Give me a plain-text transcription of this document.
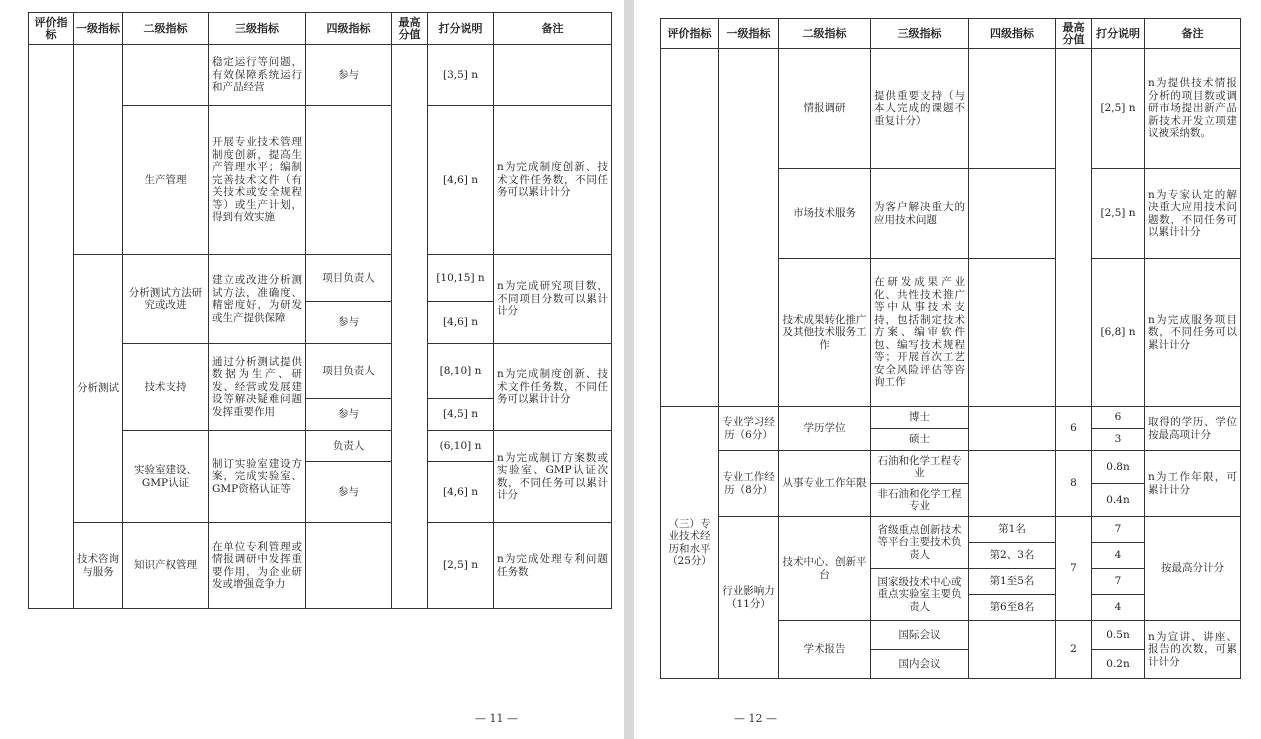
评价指标	一级指标	二级指标	三级指标	四级指标	最高分值	打分说明	备注
			稳定运行等问题，有效保障系统运行和产品经营	参与		[3,5] n	
		生产管理	开展专业技术管理制度创新，提高生产管理水平；编制完善技术文件（有关技术或安全规程等）或生产计划，得到有效实施			[4,6] n	n为完成制度创新、技术文件任务数，不同任务可以累计计分
	分析测试	分析测试方法研究或改进	建立或改进分析测试方法，准确度、精密度好，为研发或生产提供保障	项目负责人		[10,15] n	n为完成研究项目数，不同项目分数可以累计计分
				参与		[4,6] n	
		技术支持	通过分析测试提供数据为生产、研发、经营或发展建设等解决疑难问题发挥重要作用	项目负责人		[8,10] n	n为完成制度创新、技术文件任务数，不同任务可以累计计分
				参与		[4,5] n	
		实验室建设、GMP认证	制订实验室建设方案，完成实验室、GMP资格认证等	负责人		(6,10] n	n为完成制订方案数或实验室、GMP认证次数，不同任务可以累计计分
				参与		[4,6] n	
	技术咨询与服务	知识产权管理	在单位专利管理或情报调研中发挥重要作用，为企业研发或增强竞争力			[2,5] n	n为完成处理专利问题任务数
— 11 —
评价指标	一级指标	二级指标	三级指标	四级指标	最高分值	打分说明	备注
		情报调研	提供重要支持（与本人完成的课题不重复计分）			[2,5] n	n为提供技术情报分析的项目数或调研市场提出新产品新技术开发立项建议被采纳数。
		市场技术服务	为客户解决重大的应用技术问题			[2,5] n	n为专家认定的解决重大应用技术问题数，不同任务可以累计计分
		技术成果转化推广及其他技术服务工作	在研发成果产业化、共性技术推广等中从事技术支持，包括制定技术方案、编审软件包、编写技术规程等；开展首次工艺安全风险评估等咨询工作			[6,8] n	n为完成服务项目数，不同任务可以累计计分
（三）专业技术经历和水平（25分）	专业学习经历（6分）	学历学位	博士		6	6	取得的学历、学位按最高项计分
			硕士			3	
	专业工作经历（8分）	从事专业工作年限	石油和化学工程专业		8	0.8n	n为工作年限，可累计计分
			非石油和化学工程专业			0.4n	
	行业影响力（11分）	技术中心、创新平台	省级重点创新技术等平台主要技术负责人	第1名	7	7	按最高分计分
				第2、3名		4	
			国家级技术中心或重点实验室主要负责人	第1至5名		7	
				第6至8名		4	
		学术报告	国际会议		2	0.5n	n为宣讲、讲座、报告的次数，可累计计分
			国内会议			0.2n	
— 12 —
